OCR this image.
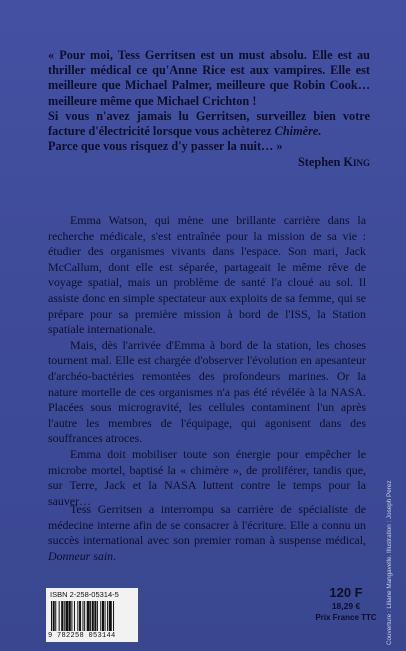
« Pour moi, Tess Gerritsen est un must absolu. Elle est au thriller médical ce qu'Anne Rice est aux vampires. Elle est meilleure que Michael Palmer, meilleure que Robin Cook… meilleure même que Michael Crichton !

Si vous n'avez jamais lu Gerritsen, surveillez bien votre facture d'électricité lorsque vous achèterez Chimère.

Parce que vous risquez d'y passer la nuit… »

Stephen King

Emma Watson, qui mène une brillante carrière dans la recherche médicale, s'est entraînée pour la mission de sa vie : étudier des organismes vivants dans l'espace. Son mari, Jack McCallum, dont elle est séparée, partageait le même rêve de voyage spatial, mais un problème de santé l'a cloué au sol. Il assiste donc en simple spectateur aux exploits de sa femme, qui se prépare pour sa première mission à bord de l'ISS, la Station spatiale internationale.

Mais, dès l'arrivée d'Emma à bord de la station, les choses tournent mal. Elle est chargée d'observer l'évolution en apesanteur d'archéo-bactéries remontées des profondeurs marines. Or la nature mortelle de ces organismes n'a pas été révélée à la NASA. Placées sous microgravité, les cellules contaminent l'un après l'autre les membres de l'équipage, qui agonisent dans des souffrances atroces.

Emma doit mobiliser toute son énergie pour empêcher le microbe mortel, baptisé la « chimère », de proliférer, tandis que, sur Terre, Jack et la NASA luttent contre le temps pour la sauver…

Tess Gerritsen a interrompu sa carrière de spécialiste de médecine interne afin de se consacrer à l'écriture. Elle a connu un succès international avec son premier roman à suspense médical, Donneur sain.

ISBN 2-258-05314-5
9 782258 053144
120 F
18,29 €
Prix France TTC	Couverture : Liliane Mangavelle. Illustration : Joseph Perez
